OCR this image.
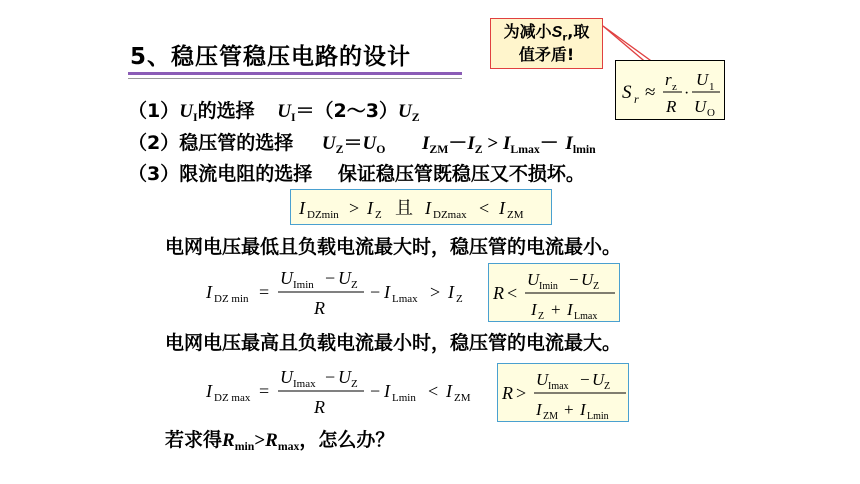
5、稳压管稳压电路的设计
为减小$S_r$,取
值矛盾!
S r ≈
r z
R
·
U 1
U O
$(1)U_I$的选择 $U_I=(2\sim 3)U_Z$
（2）稳压管的选择 $U_Z=U_O$ $I_{ZM}-I_Z > I_{Lmax}- I_{lmin}$
（3）限流电阻的选择　 保证稳压管既稳压又不损坏。
I DZmin > I Z 且 I DZmax < I ZM
电网电压最低且负载电流最大时，稳压管的电流最小。
I DZ min =
U Imin − U Z
R
− I Lmax > I Z R <
U Imin − U Z
I Z + I Lmax
电网电压最高且负载电流最小时，稳压管的电流最大。
I DZ max =
U Imax − U Z
R
− I Lmin < I ZM R >
U Imax − U Z
I ZM + I Lmin
若求得$R_{min}>R_{max}$，怎么办？
